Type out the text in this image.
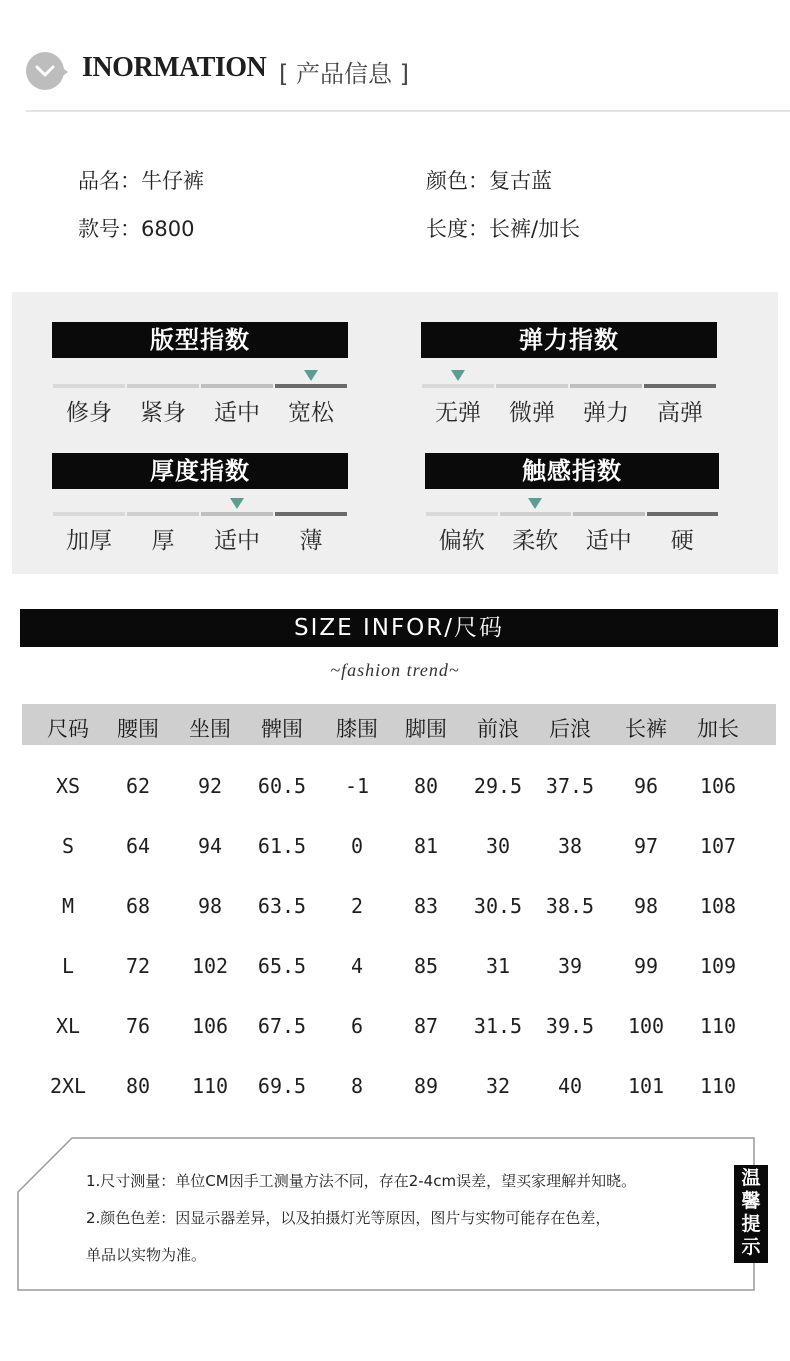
INORMATION [ 产品信息 ]
品名：牛仔裤	颜色：复古蓝
款号：6800	长度：长裤/加长
版型指数
修身	紧身	适中	宽松
弹力指数
无弹	微弹	弹力	高弹
厚度指数
加厚	厚	适中	薄
触感指数
偏软	柔软	适中	硬
SIZE INFOR/尺码
~fashion trend~
尺码 腰围 坐围 髀围 膝围 脚围 前浪 后浪 长裤 加长
XS 62 92 60.5 -1 80 29.5 37.5 96 106
S	64 94 61.5 0	81 30 38	97 107
M	68 98 63.5 2	83 30.5 38.5 98 108
L	72 102 65.5 4	85 31 39	99 109
XL 76 106 67.5 6	87 31.5 39.5 100 110
2XL 80 110 69.5 8	89 32 40 101 110
1.尺寸测量：单位CM因手工测量方法不同，存在2-4cm误差，望买家理解并知晓。
2.颜色色差：因显示器差异，以及拍摄灯光等原因，图片与实物可能存在色差，
单品以实物为准。
温馨提示
